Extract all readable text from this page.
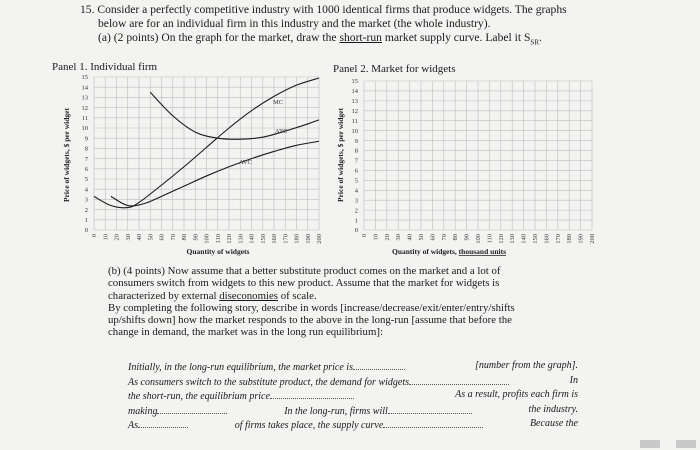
15. Consider a perfectly competitive industry with 1000 identical firms that produce widgets. The graphs
below are for an individual firm in this industry and the market (the whole industry).
(a) (2 points) On the graph for the market, draw the short-run market supply curve. Label it $S_{SR}$.
Panel 1. Individual firm	Panel 2. Market for widgets
0
1
2
3
4
5
6
7
8
9
10
11
12
13
14
15
0 10 20 30 40 50 60 70 80 90 100 110 120 130 140 150 160 170 180 190 200
0
1
2
3
4
5
6
7
8
9
10
11
12
13
14
15
0 10 20 30 40 50 60 70 80 90 100 110 120 130 140 150 160 170 180 190 200
Price of widgets, $ per widget
Quantity of widgets
Price of widgets, $ per widget
Quantity of widgets, thousand units
MC
ATC
AVC

(b) (4 points) Now assume that a better substitute product comes on the market and a lot of

consumers switch from widgets to this new product. Assume that the market for widgets is

characterized by external diseconomies of scale.

By completing the following story, describe in words [increase/decrease/exit/enter/entry/shifts

up/shifts down] how the market responds to the above in the long-run [assume that before the

change in demand, the market was in the long run equilibrium]:

Initially, in the long-run equilibrium, the market price is	[number from the graph].
As consumers switch to the substitute product, the demand for widgets	In
the short-run, the equilibrium price	As a result, profits each firm is
making	In the long-run, firms will	the industry.
As	of firms takes place, the supply curve	Because the
